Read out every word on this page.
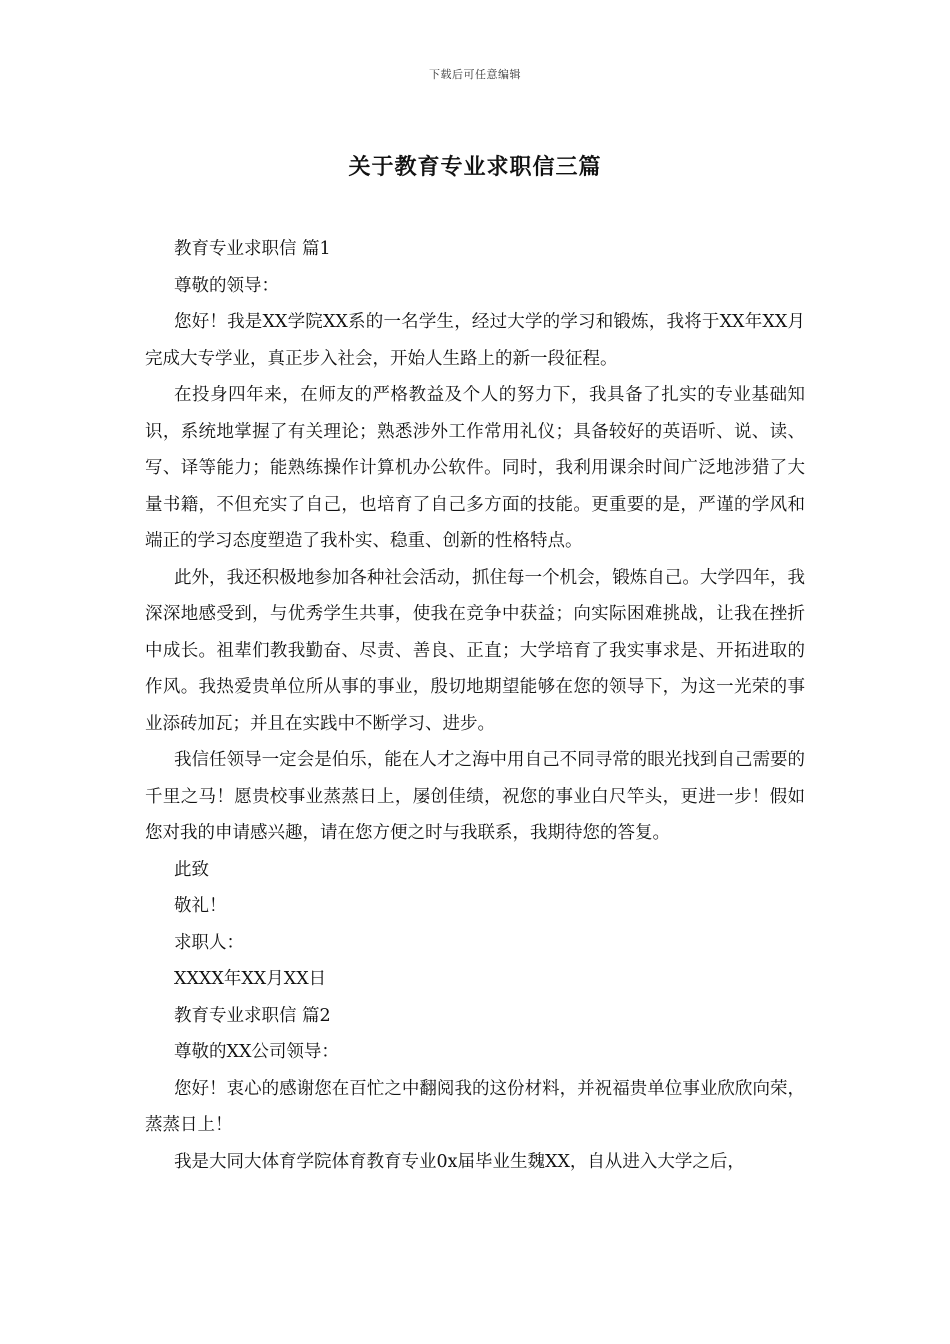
下载后可任意编辑
关于教育专业求职信三篇

教育专业求职信 篇1

尊敬的领导：

您好！我是XX学院XX系的一名学生，经过大学的学习和锻炼，我将于XX年XX月完成大专学业，真正步入社会，开始人生路上的新一段征程。

在投身四年来，在师友的严格教益及个人的努力下，我具备了扎实的专业基础知识，系统地掌握了有关理论；熟悉涉外工作常用礼仪；具备较好的英语听、说、读、写、译等能力；能熟练操作计算机办公软件。同时，我利用课余时间广泛地涉猎了大量书籍，不但充实了自己，也培育了自己多方面的技能。更重要的是，严谨的学风和端正的学习态度塑造了我朴实、稳重、创新的性格特点。

此外，我还积极地参加各种社会活动，抓住每一个机会，锻炼自己。大学四年，我深深地感受到，与优秀学生共事，使我在竞争中获益；向实际困难挑战，让我在挫折中成长。祖辈们教我勤奋、尽责、善良、正直；大学培育了我实事求是、开拓进取的作风。我热爱贵单位所从事的事业，殷切地期望能够在您的领导下，为这一光荣的事业添砖加瓦；并且在实践中不断学习、进步。

我信任领导一定会是伯乐，能在人才之海中用自己不同寻常的眼光找到自己需要的千里之马！愿贵校事业蒸蒸日上，屡创佳绩，祝您的事业白尺竿头，更进一步！假如您对我的申请感兴趣，请在您方便之时与我联系，我期待您的答复。

此致

敬礼！

求职人：

XXXX年XX月XX日

教育专业求职信 篇2

尊敬的XX公司领导：

您好！衷心的感谢您在百忙之中翻阅我的这份材料，并祝福贵单位事业欣欣向荣，蒸蒸日上！

我是大同大体育学院体育教育专业0x届毕业生魏XX，自从进入大学之后，
